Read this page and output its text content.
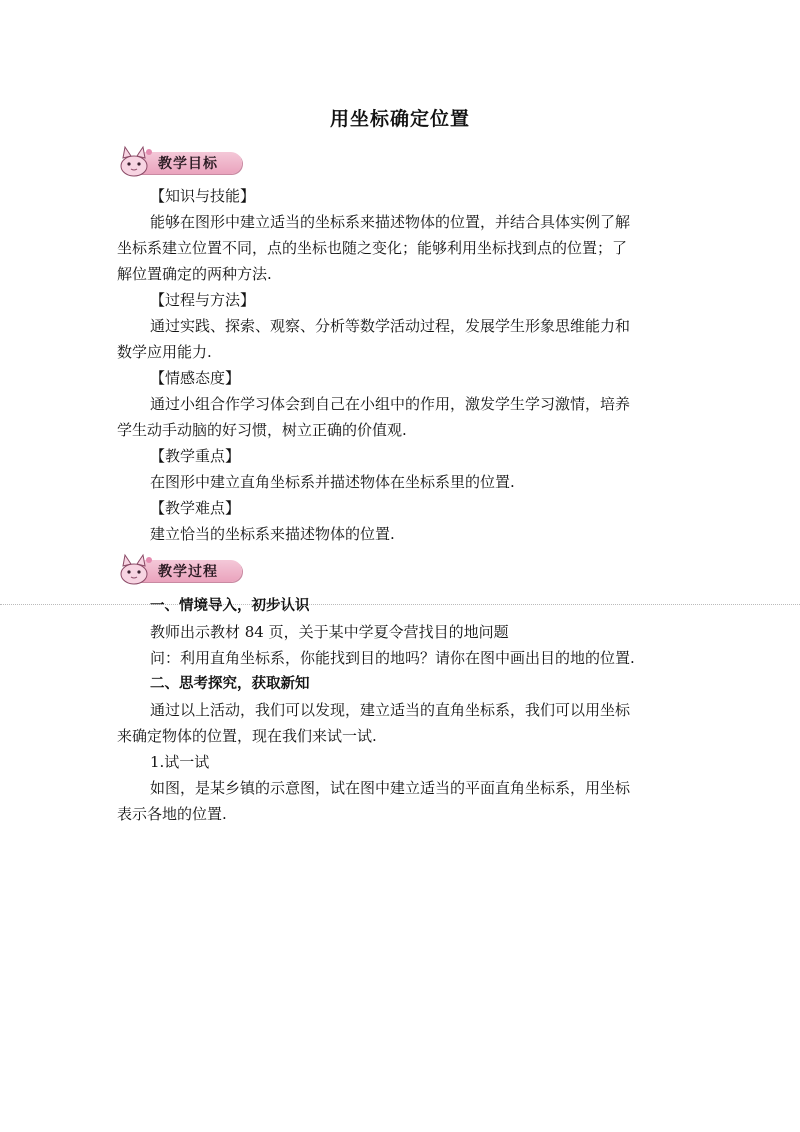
用坐标确定位置
教学目标
【知识与技能】
能够在图形中建立适当的坐标系来描述物体的位置，并结合具体实例了解
坐标系建立位置不同，点的坐标也随之变化；能够利用坐标找到点的位置；了
解位置确定的两种方法.
【过程与方法】
通过实践、探索、观察、分析等数学活动过程，发展学生形象思维能力和
数学应用能力.
【情感态度】
通过小组合作学习体会到自己在小组中的作用，激发学生学习激情，培养
学生动手动脑的好习惯，树立正确的价值观.
【教学重点】
在图形中建立直角坐标系并描述物体在坐标系里的位置.
【教学难点】
建立恰当的坐标系来描述物体的位置.
教学过程
一、情境导入，初步认识
教师出示教材 84 页，关于某中学夏令营找目的地问题
问：利用直角坐标系，你能找到目的地吗？请你在图中画出目的地的位置.
二、思考探究，获取新知
通过以上活动，我们可以发现，建立适当的直角坐标系，我们可以用坐标
来确定物体的位置，现在我们来试一试.
1.试一试
如图，是某乡镇的示意图，试在图中建立适当的平面直角坐标系，用坐标
表示各地的位置.
